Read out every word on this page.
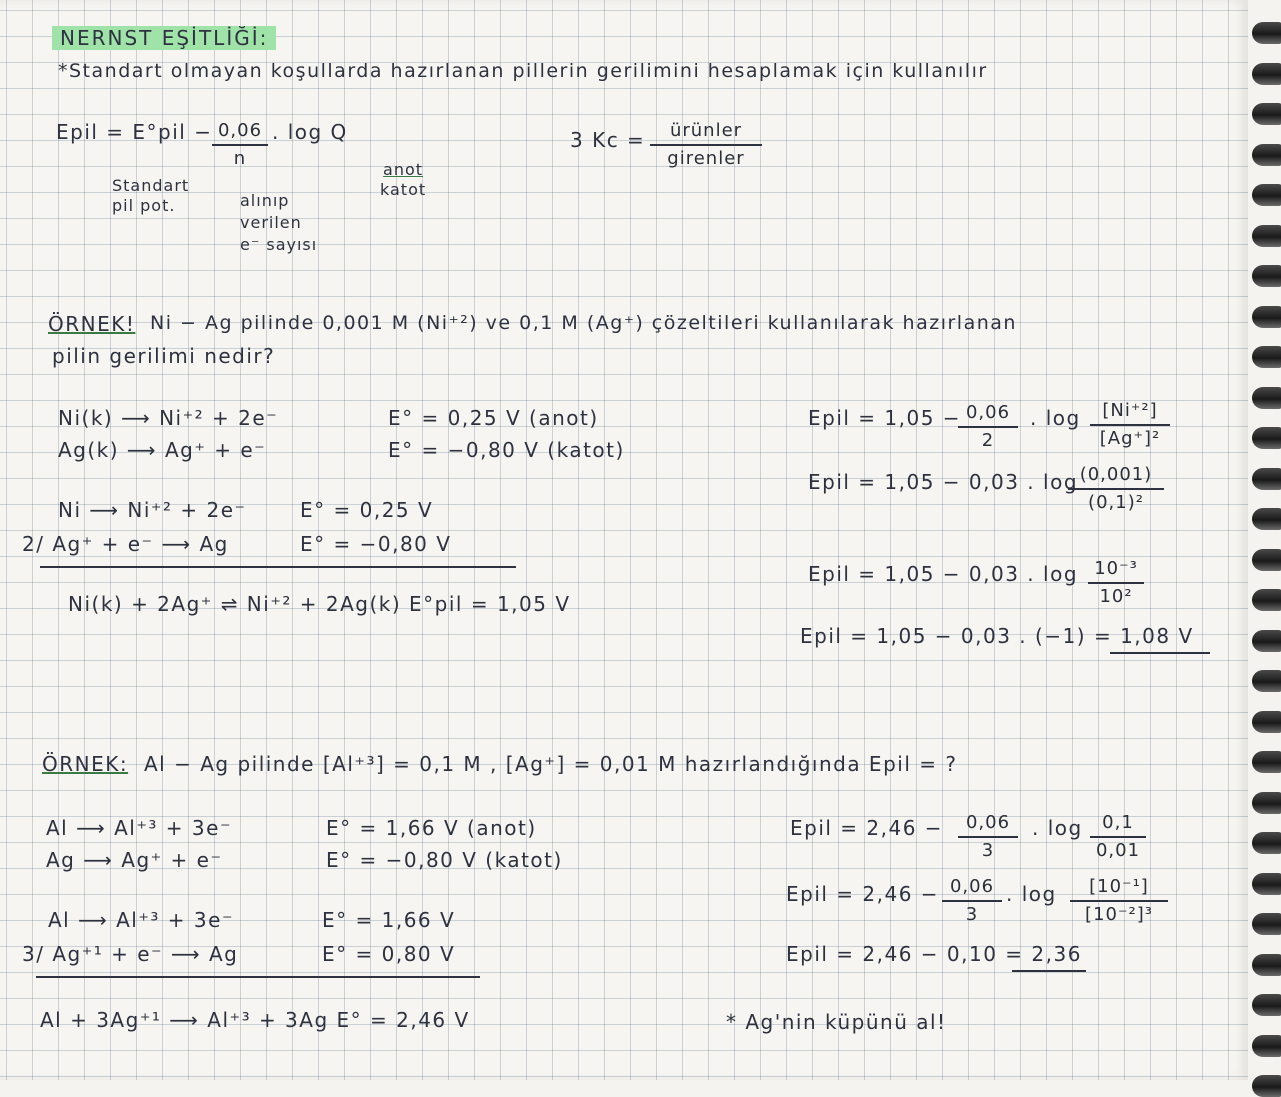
NERNST EŞİTLİĞİ:
*Standart olmayan koşullarda hazırlanan pillerin gerilimini hesaplamak için kullanılır
Epil = $E^\circ pil - \frac{0,06}{n}$ . log Q
anot
katot
Standart
pil pot.	alınıp
verilen
e⁻ sayısı
3 Kc =	ürünler
girenler
ÖRNEK! Ni − Ag pilinde 0,001 M (Ni⁺²) ve 0,1 M (Ag⁺) çözeltileri kullanılarak hazırlanan
pilin gerilimi nedir?
Ni(k) ⟶ Ni⁺² + 2e⁻	E° = 0,25 V (anot)
Ag(k) ⟶ Ag⁺ + e⁻	E° = −0,80 V (katot)
Ni ⟶ Ni⁺² + 2e⁻	E° = 0,25 V
2/ Ag⁺ + e⁻ ⟶ Ag	E° = −0,80 V
Ni(k) + 2Ag⁺ ⇌ Ni⁺² + 2Ag(k) E°pil = 1,05 V
Epil = 1,05 −
$\frac{0,06}{2}$ . $\log \frac{\text{[Ni⁺²]}}{\text{[Ag⁺]²}}$
Epil = 1,05 − 0,03 . log
$\frac{(0,001)}{\text{(0,1)²}}$
Epil = 1,05 − 0,03 . $\log \frac{\text{10⁻³}}{\text{10²}}$
Epil = 1,05 − 0,03 . (−1) = 1,08 V
ÖRNEK: Al − Ag pilinde [Al⁺³] = 0,1 M , [Ag⁺] = 0,01 M hazırlandığında Epil = ?
Al ⟶ Al⁺³ + 3e⁻	E° = 1,66 V (anot)
Ag ⟶ Ag⁺ + e⁻	E° = −0,80 V (katot)
Al ⟶ Al⁺³ + 3e⁻	E° = 1,66 V
3/ Ag⁺¹ + e⁻ ⟶ Ag	E° = 0,80 V
Al + 3Ag⁺¹ ⟶ Al⁺³ + 3Ag E° = 2,46 V
Epil = $2,46 - \frac{0,06}{3}$ . $\log \frac{0,1}{0,01}$
Epil = $2,46 - \frac{0,06}{3}$ . $\log \frac{\text{[10⁻¹]}}{\text{[10⁻²]³}}$
Epil = 2,46 − 0,10 = 2,36
* Ag'nin küpünü al!
